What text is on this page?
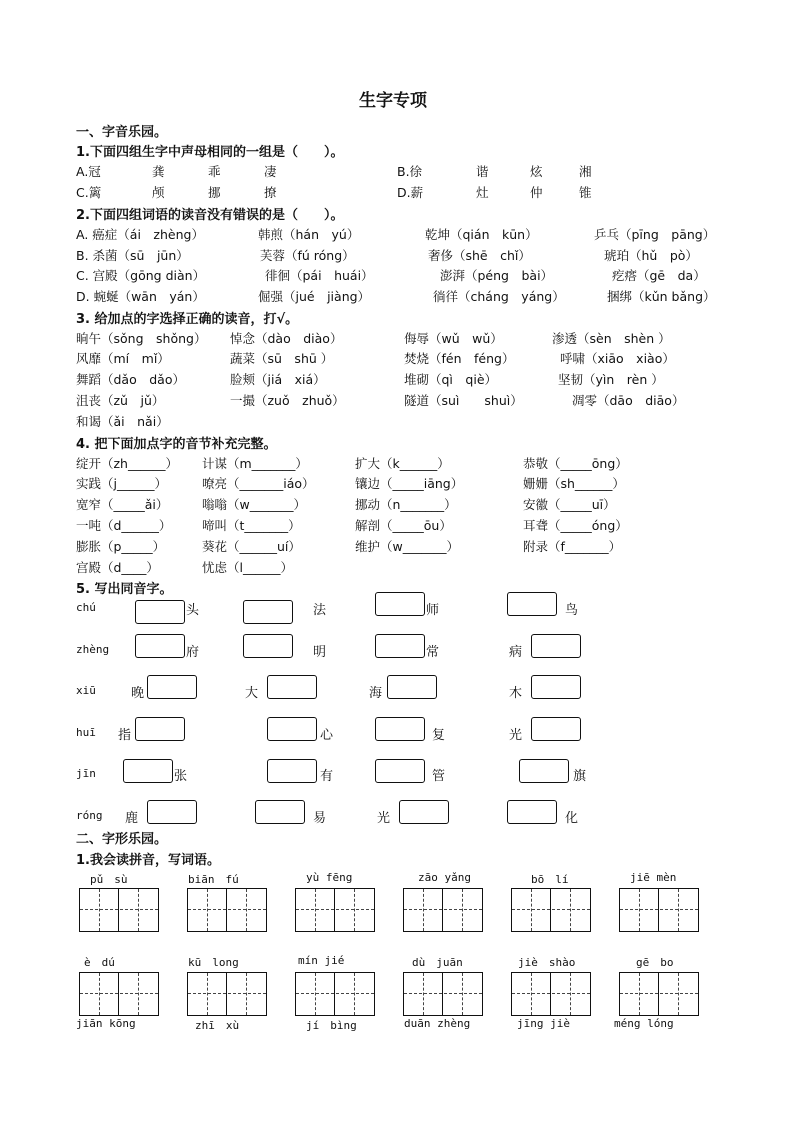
生字专项
一、字音乐园。
1.下面四组生字中声母相同的一组是（　　）。
A.冠	龚	乖	凄	B.徐	谐	炫	湘
C.篱	颅	挪	撩	D.薪	灶	仲	锥
2.下面四组词语的读音没有错误的是（　　）。
A. 癌症（ái　zhèng）	韩煎（hán　yú）	乾坤（qián　kūn）	乒乓（pīng　pāng）
B. 杀菌（sū　jūn）	芙蓉（fú róng）	奢侈（shē　chǐ）	琥珀（hǔ　pò）
C. 宫殿（gōng diàn）	徘徊（pái　huái）	澎湃（péng　bài）	疙瘩（gē　da）
D. 蜿蜒（wān　yán）	倔强（jué　jiàng）	徜徉（cháng　yáng）	捆绑（kǔn bǎng）
3. 给加点的字选择正确的读音，打√。
晌午（sǒng　shǒng） 悼念（dào　diào）	侮辱（wǔ　wǔ）	渗透（sèn　shèn ）
风靡（mí　mǐ）	蔬菜（sū　shū ）	焚烧（fén　féng）	呼啸（xiāo　xiào）
舞蹈（dǎo　dǎo）	脸颊（jiá　xiá）	堆砌（qì　qiè）	坚韧（yìn　rèn ）
沮丧（zǔ　jǔ）	一撮（zuǒ　zhuǒ）	隧道（suì　　shuì）	凋零（dāo　diāo）
和谒（ǎi　nǎi）
4. 把下面加点字的音节补充完整。
绽开（zh______） 计谋（m_______）	扩大（k______）	恭敬（_____ōng）
实践（j______）	嘹亮（_______iáo）	镶边（_____iāng）	姗姗（sh______）
宽窄（_____ǎi）	嗡嗡（w_______）	挪动（n_______）	安徽（_____uī）
一吨（d______） 啼叫（t_______）	解剖（_____ōu）	耳聋（_____óng）
膨胀（p_____）	葵花（______uí）	维护（w_______）	附录（f_______）
宫殿（d____）	忧虑（l______）
5. 写出同音字。
chú	头	法	师	鸟
zhèng	府	明	常	病
xiū	晚	大	海	木
huī 指	心	复	光
jīn	张	有	管	旗
róng 鹿	易	光	化
二、字形乐园。
1.我会读拼音，写词语。
pǔ　sù	biān　fú	yù fēng	zāo yǎng	bō　lí	jiē mèn
è　dú	kū　long	mín jié	dù　juān	jiè　shào	gē　bo
jiān kōng	zhī　xù	jí　bìng	duān zhèng	jīng jiè	méng lóng
